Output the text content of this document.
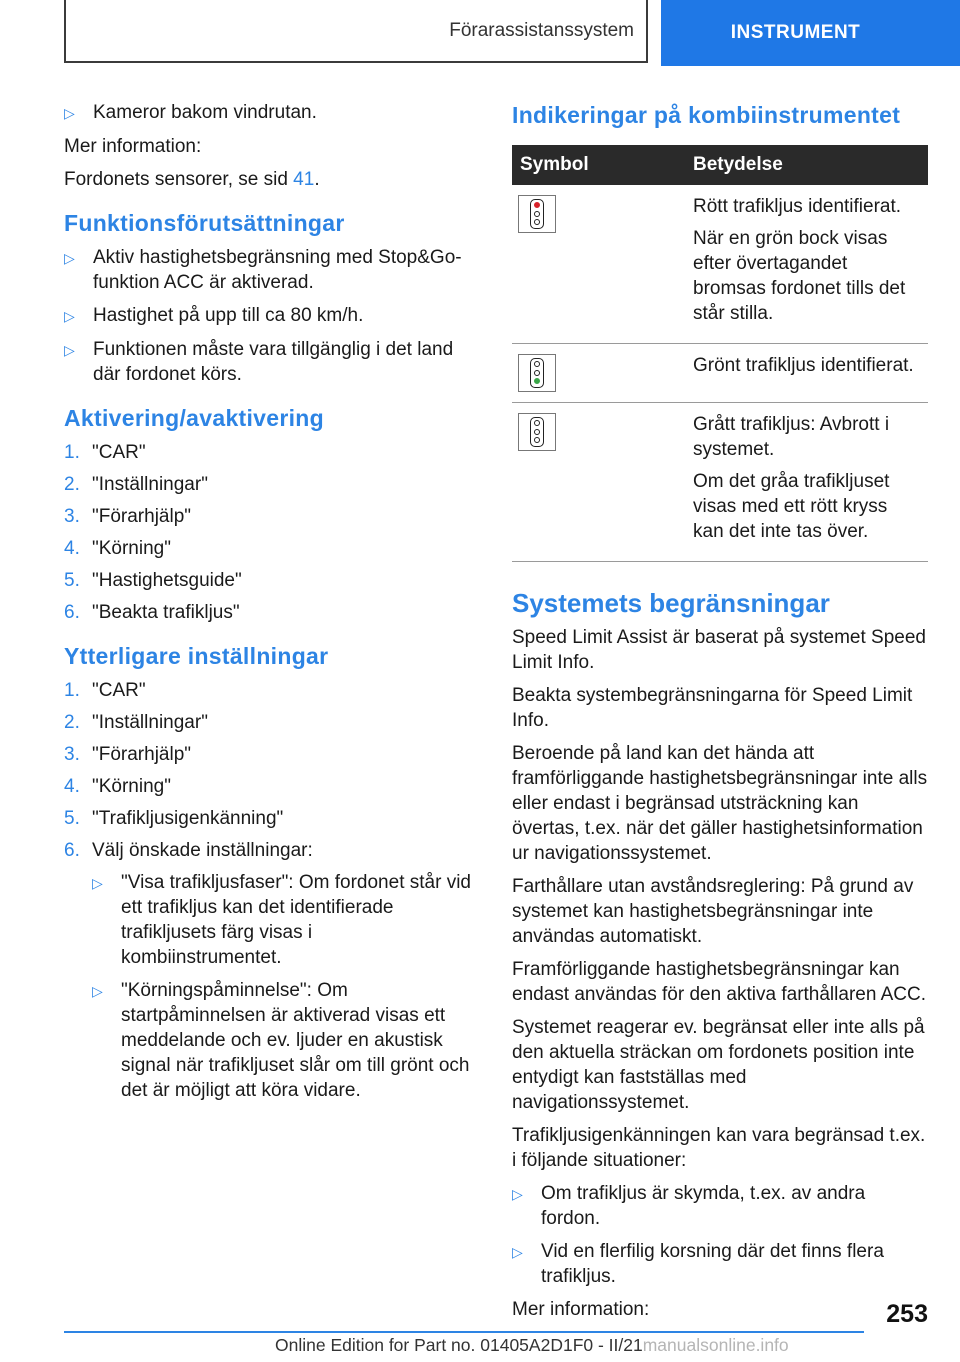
Förarassistanssystem	INSTRUMENT
▷ Kameror bakom vindrutan.

Mer information:

Fordonets sensorer, se sid 41.

Funktionsförutsättningar
▷ Aktiv hastighetsbegränsning med Stop&Go-funktion ACC är aktiverad.
▷ Hastighet på upp till ca 80 km/h.
▷ Funktionen måste vara tillgänglig i det land där fordonet körs.
Aktivering/avaktivering
1. "CAR"
2. "Inställningar"
3. "Förarhjälp"
4. "Körning"
5. "Hastighetsguide"
6. "Beakta trafikljus"
Ytterligare inställningar
1. "CAR"
2. "Inställningar"
3. "Förarhjälp"
4. "Körning"
5. "Trafikljusigenkänning"
6. Välj önskade inställningar:
▷ "Visa trafikljusfaser": Om fordonet står vid ett trafikljus kan det identifierade trafikljusets färg visas i kombiinstrumentet.
▷ "Körningspåminnelse": Om startpåminnelsen är aktiverad visas ett meddelande och ev. ljuder en akustisk signal när trafikljuset slår om till grönt och det är möjligt att köra vidare.
Indikeringar på kombiinstrumentet
Symbol	Betydelse

	Rött trafikljus identifierat.

När en grön bock visas efter övertagandet bromsas fordonet tills det står stilla.

	Grönt trafikljus identifierat.

	Grått trafikljus: Avbrott i systemet.

Om det gråa trafikljuset visas med ett rött kryss kan det inte tas över.

Systemets begränsningar

Speed Limit Assist är baserat på systemet Speed Limit Info.

Beakta systembegränsningarna för Speed Limit Info.

Beroende på land kan det hända att framförliggande hastighetsbegränsningar inte alls eller endast i begränsad utsträckning kan övertas, t.ex. när det gäller hastighetsinformation ur navigationssystemet.

Farthållare utan avståndsreglering: På grund av systemet kan hastighetsbegränsningar inte användas automatiskt.

Framförliggande hastighetsbegränsningar kan endast användas för den aktiva farthållaren ACC.

Systemet reagerar ev. begränsat eller inte alls på den aktuella sträckan om fordonets position inte entydigt kan fastställas med navigationssystemet.

Trafikljusigenkänningen kan vara begränsad t.ex. i följande situationer:

▷ Om trafikljus är skymda, t.ex. av andra fordon.
▷ Vid en flerfilig korsning där det finns flera trafikljus.

Mer information:	253
Online Edition for Part no. 01405A2D1F0 - II/21manualsonline.info
